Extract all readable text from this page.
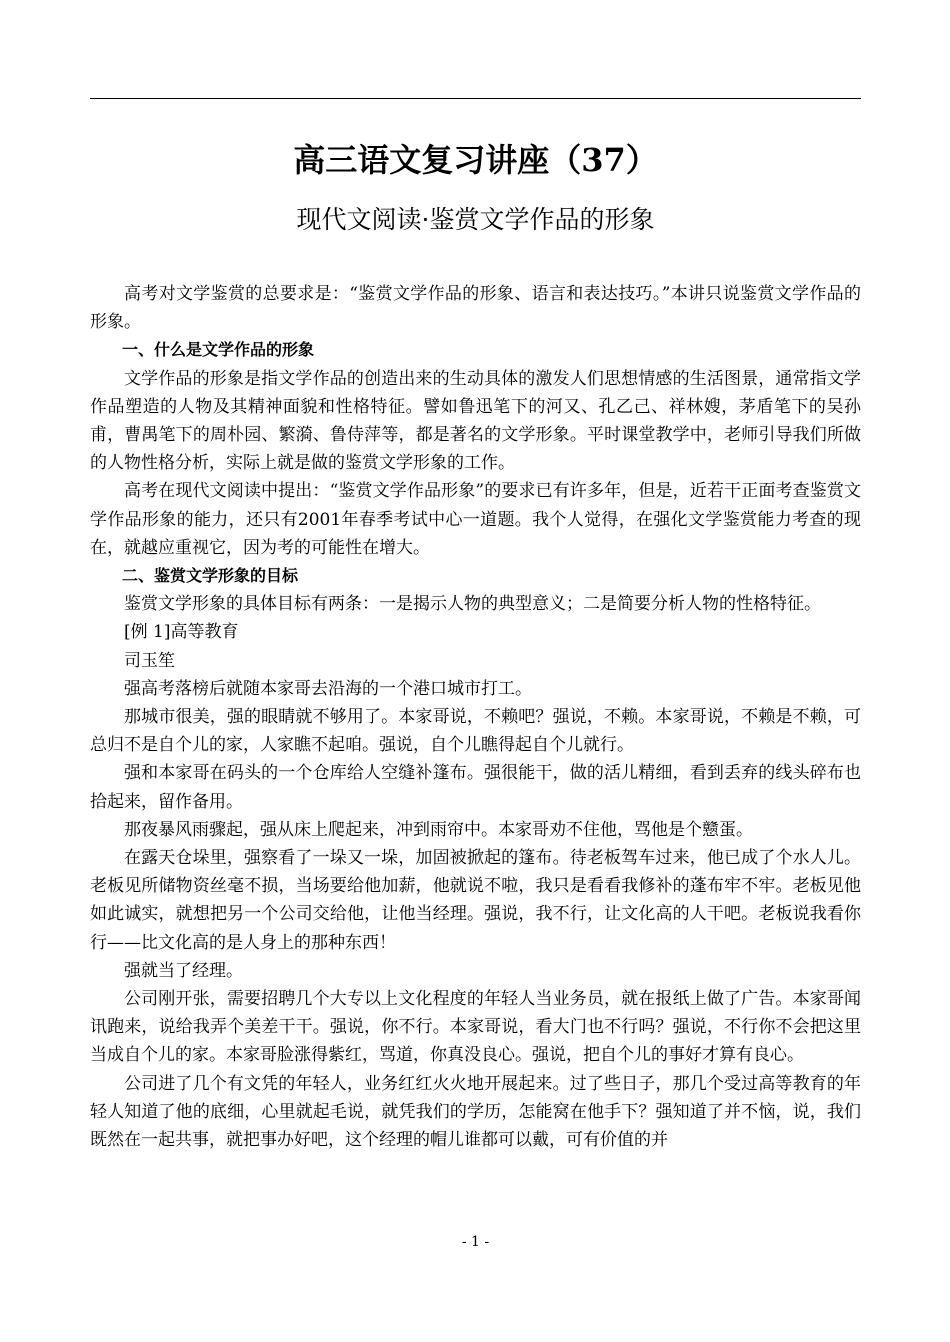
高三语文复习讲座（37）
现代文阅读·鉴赏文学作品的形象

高考对文学鉴赏的总要求是：“鉴赏文学作品的形象、语言和表达技巧。”本讲只说鉴赏文学作品的形象。

一、什么是文学作品的形象

文学作品的形象是指文学作品的创造出来的生动具体的激发人们思想情感的生活图景，通常指文学作品塑造的人物及其精神面貌和性格特征。譬如鲁迅笔下的河又、孔乙己、祥林嫂，茅盾笔下的吴孙甫，曹禺笔下的周朴园、繁漪、鲁侍萍等，都是著名的文学形象。平时课堂教学中，老师引导我们所做的人物性格分析，实际上就是做的鉴赏文学形象的工作。

高考在现代文阅读中提出：“鉴赏文学作品形象”的要求已有许多年，但是，近若干正面考查鉴赏文学作品形象的能力，还只有2001年春季考试中心一道题。我个人觉得，在强化文学鉴赏能力考查的现在，就越应重视它，因为考的可能性在增大。

二、鉴赏文学形象的目标

鉴赏文学形象的具体目标有两条：一是揭示人物的典型意义；二是简要分析人物的性格特征。

[例 1]高等教育

司玉笙

强高考落榜后就随本家哥去沿海的一个港口城市打工。

那城市很美，强的眼睛就不够用了。本家哥说，不赖吧？强说，不赖。本家哥说，不赖是不赖，可总归不是自个儿的家，人家瞧不起咱。强说，自个儿瞧得起自个儿就行。

强和本家哥在码头的一个仓库给人空缝补篷布。强很能干，做的活儿精细，看到丢弃的线头碎布也拾起来，留作备用。

那夜暴风雨骤起，强从床上爬起来，冲到雨帘中。本家哥劝不住他，骂他是个戆蛋。

在露天仓垛里，强察看了一垛又一垛，加固被掀起的篷布。待老板驾车过来，他已成了个水人儿。老板见所储物资丝毫不损，当场要给他加薪，他就说不啦，我只是看看我修补的蓬布牢不牢。老板见他如此诚实，就想把另一个公司交给他，让他当经理。强说，我不行，让文化高的人干吧。老板说我看你行——比文化高的是人身上的那种东西！

强就当了经理。

公司刚开张，需要招聘几个大专以上文化程度的年轻人当业务员，就在报纸上做了广告。本家哥闻讯跑来，说给我弄个美差干干。强说，你不行。本家哥说，看大门也不行吗？强说，不行你不会把这里当成自个儿的家。本家哥脸涨得紫红，骂道，你真没良心。强说，把自个儿的事好才算有良心。

公司进了几个有文凭的年轻人，业务红红火火地开展起来。过了些日子，那几个受过高等教育的年轻人知道了他的底细，心里就起毛说，就凭我们的学历，怎能窝在他手下？强知道了并不恼，说，我们既然在一起共事，就把事办好吧，这个经理的帽儿谁都可以戴，可有价值的并

- 1 -
